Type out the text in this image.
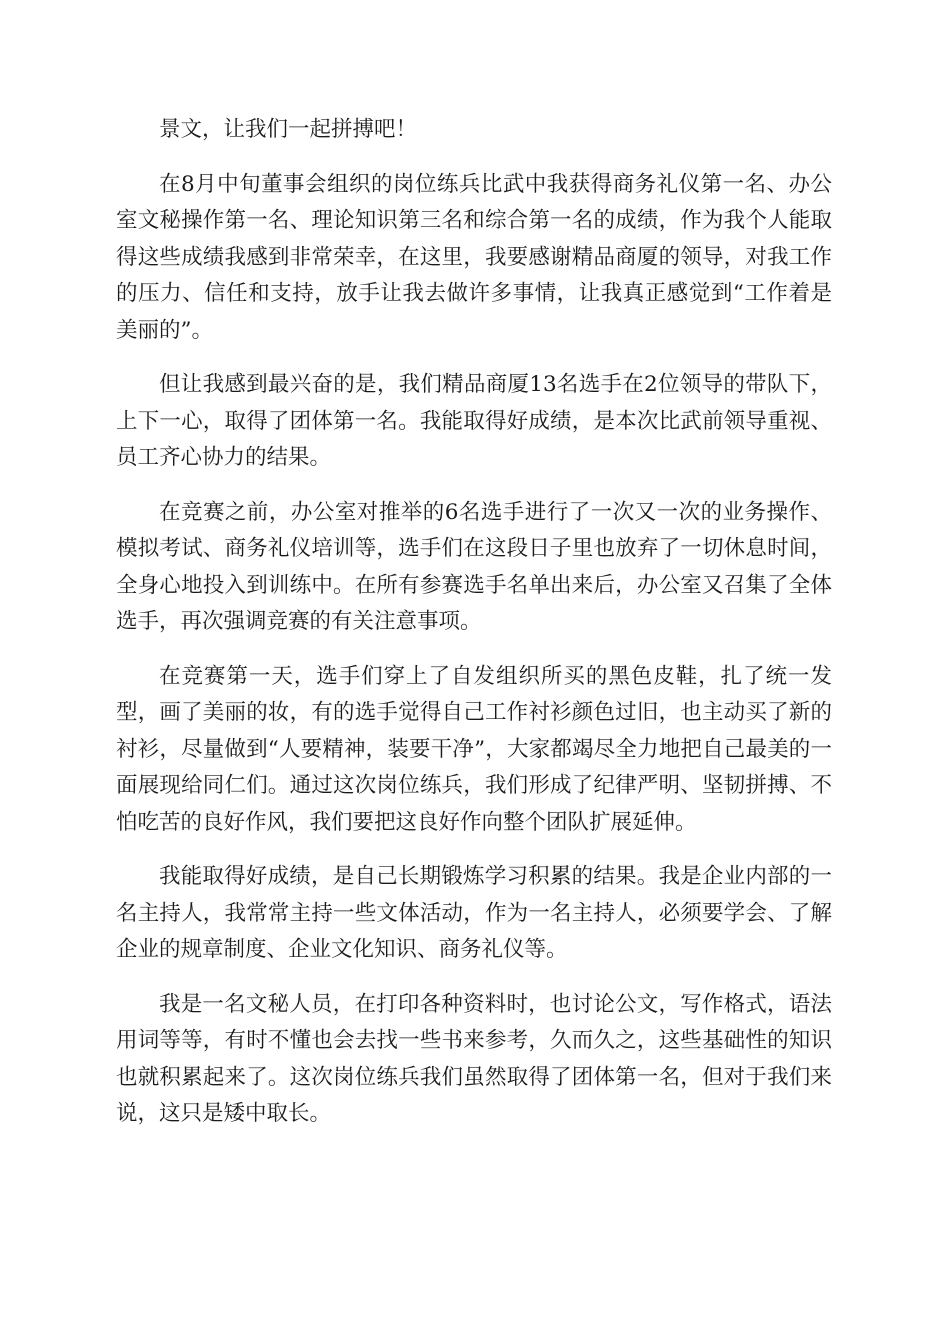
景文，让我们一起拼搏吧！

在8月中旬董事会组织的岗位练兵比武中我获得商务礼仪第一名、办公室文秘操作第一名、理论知识第三名和综合第一名的成绩，作为我个人能取得这些成绩我感到非常荣幸，在这里，我要感谢精品商厦的领导，对我工作的压力、信任和支持，放手让我去做许多事情，让我真正感觉到“工作着是美丽的”。

但让我感到最兴奋的是，我们精品商厦13名选手在2位领导的带队下，上下一心，取得了团体第一名。我能取得好成绩，是本次比武前领导重视、员工齐心协力的结果。

在竞赛之前，办公室对推举的6名选手进行了一次又一次的业务操作、模拟考试、商务礼仪培训等，选手们在这段日子里也放弃了一切休息时间，全身心地投入到训练中。在所有参赛选手名单出来后，办公室又召集了全体选手，再次强调竞赛的有关注意事项。

在竞赛第一天，选手们穿上了自发组织所买的黑色皮鞋，扎了统一发型，画了美丽的妆，有的选手觉得自己工作衬衫颜色过旧，也主动买了新的衬衫，尽量做到“人要精神，装要干净”，大家都竭尽全力地把自己最美的一面展现给同仁们。通过这次岗位练兵，我们形成了纪律严明、坚韧拼搏、不怕吃苦的良好作风，我们要把这良好作向整个团队扩展延伸。

我能取得好成绩，是自己长期锻炼学习积累的结果。我是企业内部的一名主持人，我常常主持一些文体活动，作为一名主持人，必须要学会、了解企业的规章制度、企业文化知识、商务礼仪等。

我是一名文秘人员，在打印各种资料时，也讨论公文，写作格式，语法用词等等，有时不懂也会去找一些书来参考，久而久之，这些基础性的知识也就积累起来了。这次岗位练兵我们虽然取得了团体第一名，但对于我们来说，这只是矮中取长。
